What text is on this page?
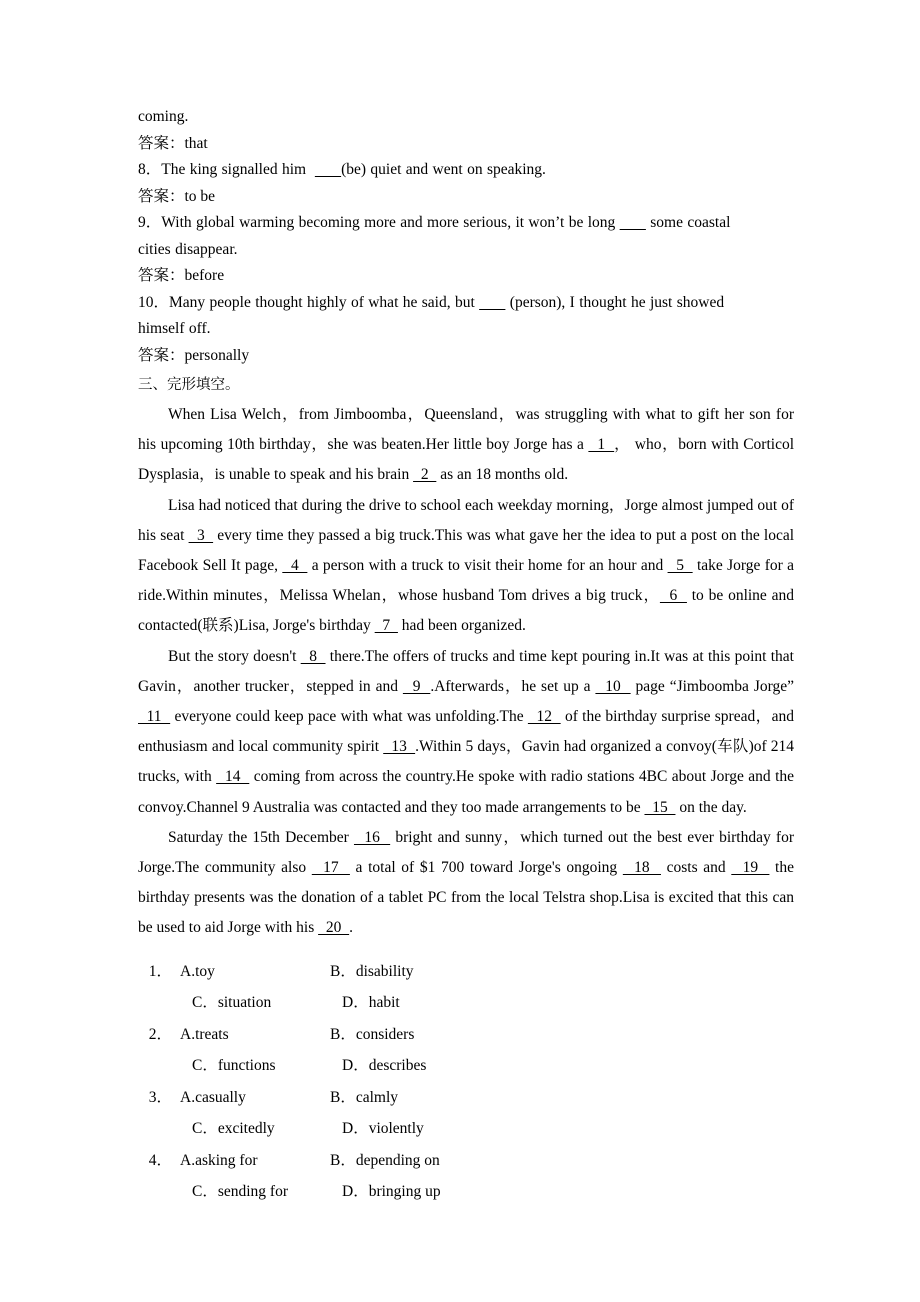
coming.
答案：that
8．The king signalled him        (be) quiet and went on speaking.
答案：to be
9．With global warming becoming more and more serious, it won’t be long        some coastal
cities disappear.
答案：before
10．Many people thought highly of what he said, but        (person), I thought he just showed
himself off.
答案：personally
三、完形填空。

When Lisa Welch，from Jimboomba，Queensland，was struggling with what to gift her son for his upcoming 10th birthday，she was beaten.Her little boy Jorge has a   1  ， who，born with Corticol Dysplasia，is unable to speak and his brain   2   as an 18 months old.

Lisa had noticed that during the drive to school each weekday morning，Jorge almost jumped out of his seat   3   every time they passed a big truck.This was what gave her the idea to put a post on the local Facebook Sell It page,   4   a person with a truck to visit their home for an hour and   5   take Jorge for a ride.Within minutes，Melissa Whelan，whose husband Tom drives a big truck，  6   to be online and contacted(联系)Lisa, Jorge's birthday   7   had been organized.

But the story doesn't   8   there.The offers of trucks and time kept pouring in.It was at this point that Gavin，another trucker，stepped in and   9  .Afterwards，he set up a   10   page “Jimboomba Jorge”   11   everyone could keep pace with what was unfolding.The   12   of the birthday surprise spread，and enthusiasm and local community spirit   13  .Within 5 days，Gavin had organized a convoy(车队)of 214 trucks, with   14   coming from across the country.He spoke with radio stations 4BC about Jorge and the convoy.Channel 9 Australia was contacted and they too made arrangements to be   15   on the day.

Saturday the 15th December   16   bright and sunny，which turned out the best ever birthday for Jorge.The community also   17   a total of $1 700 toward Jorge's ongoing   18   costs and   19   the birthday presents was the donation of a tablet PC from the local Telstra shop.Lisa is excited that this can be used to aid Jorge with his   20  .

1． A.toy	B．disability
C．situation	D．habit
2． A.treats	B．considers
C．functions	D．describes
3． A.casually	B．calmly
C．excitedly	D．violently
4． A.asking for	B．depending on
C．sending for	D．bringing up
